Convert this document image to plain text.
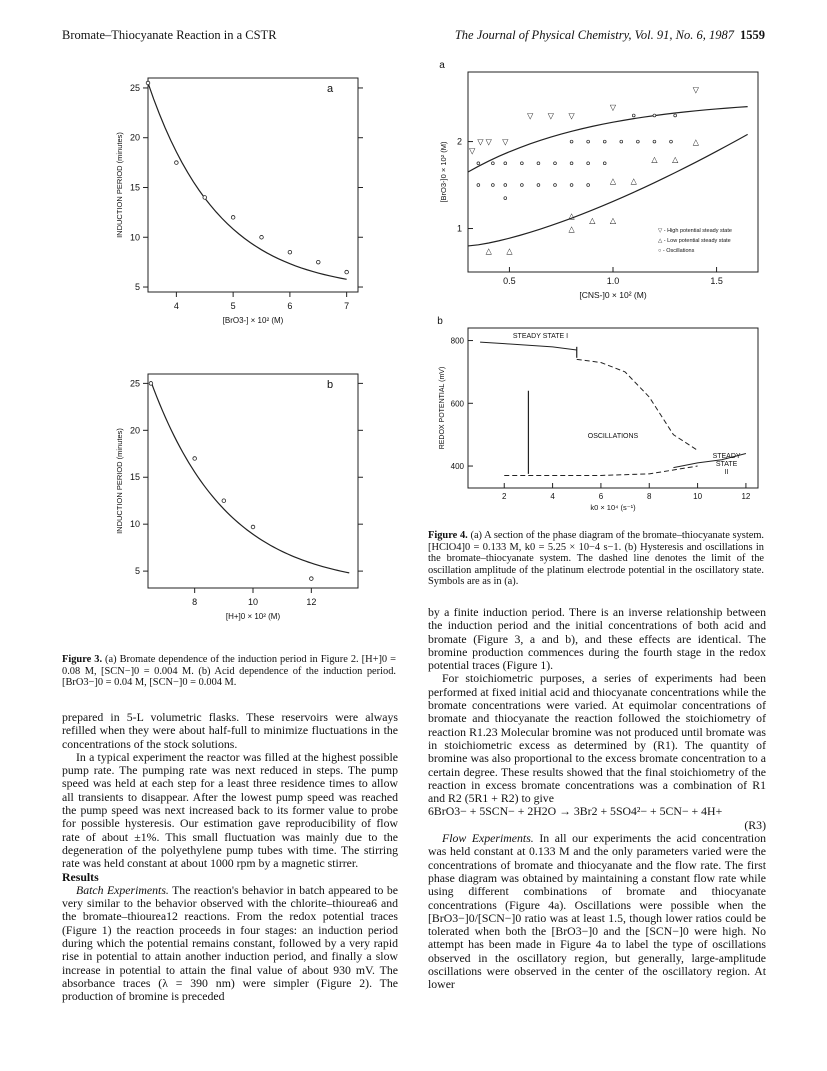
Bromate–Thiocyanate Reaction in a CSTR	The Journal of Physical Chemistry, Vol. 91, No. 6, 1987 1559
5
10
15
20
25
4	5	6	7
[BrO3-] × 10² (M)
INDUCTION PERIOD (minutes)
a
5
10
15
20
25
8	10	12
[H+]0 × 10² (M)
INDUCTION PERIOD (minutes)
b
Figure 3. (a) Bromate dependence of the induction period in Figure 2. [H+]0 = 0.08 M, [SCN−]0 = 0.004 M. (b) Acid dependence of the induction period. [BrO3−]0 = 0.04 M, [SCN−]0 = 0.004 M.

prepared in 5-L volumetric flasks. These reservoirs were always refilled when they were about half-full to minimize fluctuations in the concentrations of the stock solutions.

In a typical experiment the reactor was filled at the highest possible pump rate. The pumping rate was next reduced in steps. The pump speed was held at each step for a least three residence times to allow all transients to disappear. After the lowest pump speed was reached the pump speed was next increased back to its former value to probe for possible hysteresis. Our estimation gave reproducibility of flow rate of about ±1%. This small fluctuation was mainly due to the degeneration of the polyethylene pump tubes with time. The stirring rate was held constant at about 1000 rpm by a magnetic stirrer.

Results

Batch Experiments. The reaction's behavior in batch appeared to be very similar to the behavior observed with the chlorite–thiourea6 and the bromate–thiourea12 reactions. From the redox potential traces (Figure 1) the reaction proceeds in four stages: an induction period during which the potential remains constant, followed by a very rapid rise in potential to attain another induction period, and finally a slow increase in potential to attain the final value of about 930 mV. The absorbance traces (λ = 390 nm) were simpler (Figure 2). The production of bromine is preceded

1
2
0.5	1.0	1.5
[CNS-]0 × 10² (M)
[BrO3-]0 × 10² (M)
a
▽
▽ ▽ ▽
▽ ▽ ▽
▽
▽
△ △
△
△ △ △
△ △
△ △
△
▽ - High potential steady state
△ - Low potential steady state
○ - Oscillations
400
600
800
2	4	6	8	10	12
k0 × 10⁴ (s⁻¹)
REDOX POTENTIAL (mV)
b
STEADY STATE I
OSCILLATIONS
STEADY
STATE
II
Figure 4. (a) A section of the phase diagram of the bromate–thiocyanate system. [HClO4]0 = 0.133 M, k0 = 5.25 × 10−4 s−1. (b) Hysteresis and oscillations in the bromate–thiocyanate system. The dashed line denotes the limit of the oscillation amplitude of the platinum electrode potential in the oscillatory state. Symbols are as in (a).

by a finite induction period. There is an inverse relationship between the induction period and the initial concentrations of both acid and bromate (Figure 3, a and b), and these effects are identical. The bromine production commences during the fourth stage in the redox potential traces (Figure 1).

For stoichiometric purposes, a series of experiments had been performed at fixed initial acid and thiocyanate concentrations while the bromate concentrations were varied. At equimolar concentrations of bromate and thiocyanate the reaction followed the stoichiometry of reaction R1.23 Molecular bromine was not produced until bromate was in stoichiometric excess as determined by (R1). The quantity of bromine was also proportional to the excess bromate concentration to a certain degree. These results showed that the final stoichiometry of the reaction in excess bromate concentrations was a combination of R1 and R2 (5R1 + R2) to give

6BrO3− + 5SCN− + 2H2O → 3Br2 + 5SO4²− + 5CN− + 4H+

(R3)

Flow Experiments. In all our experiments the acid concentration was held constant at 0.133 M and the only parameters varied were the concentrations of bromate and thiocyanate and the flow rate. The first phase diagram was obtained by maintaining a constant flow rate while using different combinations of bromate and thiocyanate concentrations (Figure 4a). Oscillations were possible when the [BrO3−]0/[SCN−]0 ratio was at least 1.5, though lower ratios could be tolerated when both the [BrO3−]0 and the [SCN−]0 were high. No attempt has been made in Figure 4a to label the type of oscillations observed in the oscillatory region, but generally, large-amplitude oscillations were observed in the center of the oscillatory region. At lower
